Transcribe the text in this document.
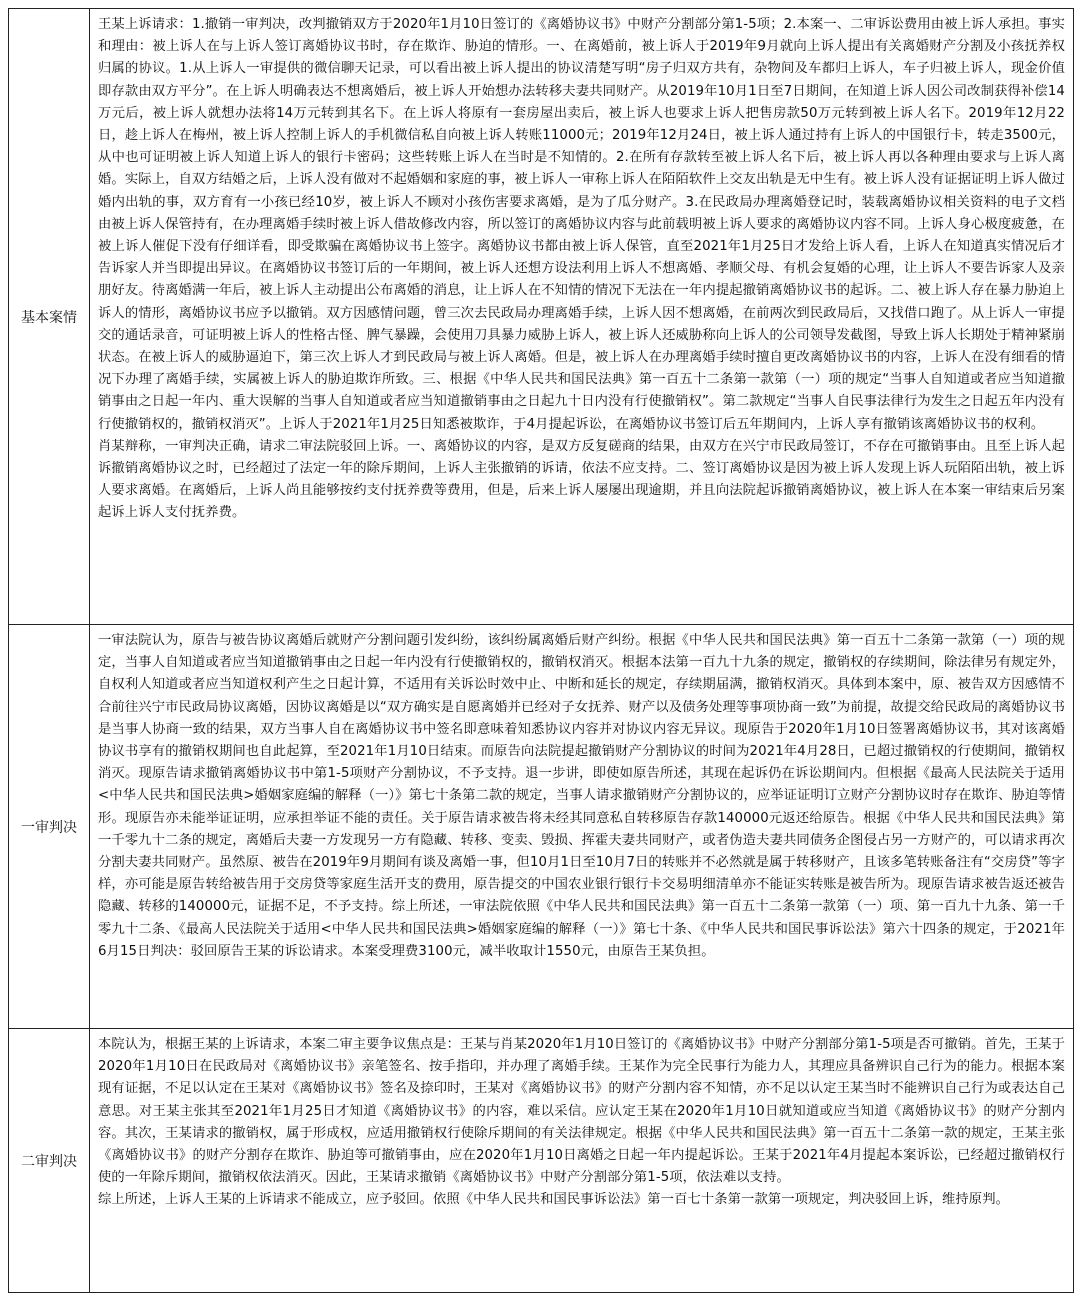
基本案情

王某上诉请求：1.撤销一审判决，改判撤销双方于2020年1月10日签订的《离婚协议书》中财产分割部分第1-5项；2.本案一、二审诉讼费用由被上诉人承担。事实和理由：被上诉人在与上诉人签订离婚协议书时，存在欺诈、胁迫的情形。一、在离婚前，被上诉人于2019年9月就向上诉人提出有关离婚财产分割及小孩抚养权归属的协议。1.从上诉人一审提供的微信聊天记录，可以看出被上诉人提出的协议清楚写明“房子归双方共有，杂物间及车都归上诉人，车子归被上诉人，现金价值即存款由双方平分”。在上诉人明确表达不想离婚后，被上诉人开始想办法转移夫妻共同财产。从2019年10月1日至7日期间，在知道上诉人因公司改制获得补偿14万元后，被上诉人就想办法将14万元转到其名下。在上诉人将原有一套房屋出卖后，被上诉人也要求上诉人把售房款50万元转到被上诉人名下。2019年12月22日，趁上诉人在梅州，被上诉人控制上诉人的手机微信私自向被上诉人转账11000元；2019年12月24日，被上诉人通过持有上诉人的中国银行卡，转走3500元，从中也可证明被上诉人知道上诉人的银行卡密码；这些转账上诉人在当时是不知情的。2.在所有存款转至被上诉人名下后，被上诉人再以各种理由要求与上诉人离婚。实际上，自双方结婚之后，上诉人没有做对不起婚姻和家庭的事，被上诉人一审称上诉人在陌陌软件上交友出轨是无中生有。被上诉人没有证据证明上诉人做过婚内出轨的事，双方育有一小孩已经10岁，被上诉人不顾对小孩伤害要求离婚，是为了瓜分财产。3.在民政局办理离婚登记时，装载离婚协议相关资料的电子文档由被上诉人保管持有，在办理离婚手续时被上诉人借故修改内容，所以签订的离婚协议内容与此前载明被上诉人要求的离婚协议内容不同。上诉人身心极度疲惫，在被上诉人催促下没有仔细详看，即受欺骗在离婚协议书上签字。离婚协议书都由被上诉人保管，直至2021年1月25日才发给上诉人看，上诉人在知道真实情况后才告诉家人并当即提出异议。在离婚协议书签订后的一年期间，被上诉人还想方设法利用上诉人不想离婚、孝顺父母、有机会复婚的心理，让上诉人不要告诉家人及亲朋好友。待离婚满一年后，被上诉人主动提出公布离婚的消息，让上诉人在不知情的情况下无法在一年内提起撤销离婚协议书的起诉。二、被上诉人存在暴力胁迫上诉人的情形，离婚协议书应予以撤销。双方因感情问题，曾三次去民政局办理离婚手续，上诉人因不想离婚，在前两次到民政局后，又找借口跑了。从上诉人一审提交的通话录音，可证明被上诉人的性格古怪、脾气暴躁，会使用刀具暴力威胁上诉人，被上诉人还威胁称向上诉人的公司领导发截图，导致上诉人长期处于精神紧崩状态。在被上诉人的威胁逼迫下，第三次上诉人才到民政局与被上诉人离婚。但是，被上诉人在办理离婚手续时擅自更改离婚协议书的内容，上诉人在没有细看的情况下办理了离婚手续，实属被上诉人的胁迫欺诈所致。三、根据《中华人民共和国民法典》第一百五十二条第一款第（一）项的规定“当事人自知道或者应当知道撤销事由之日起一年内、重大误解的当事人自知道或者应当知道撤销事由之日起九十日内没有行使撤销权”。第二款规定“当事人自民事法律行为发生之日起五年内没有行使撤销权的，撤销权消灭”。上诉人于2021年1月25日知悉被欺诈，于4月提起诉讼，在离婚协议书签订后五年期间内，上诉人享有撤销该离婚协议书的权利。

肖某辩称，一审判决正确，请求二审法院驳回上诉。一、离婚协议的内容，是双方反复磋商的结果，由双方在兴宁市民政局签订，不存在可撤销事由。且至上诉人起诉撤销离婚协议之时，已经超过了法定一年的除斥期间，上诉人主张撤销的诉请，依法不应支持。二、签订离婚协议是因为被上诉人发现上诉人玩陌陌出轨，被上诉人要求离婚。在离婚后，上诉人尚且能够按约支付抚养费等费用，但是，后来上诉人屡屡出现逾期，并且向法院起诉撤销离婚协议，被上诉人在本案一审结束后另案起诉上诉人支付抚养费。

一审判决

一审法院认为，原告与被告协议离婚后就财产分割问题引发纠纷，该纠纷属离婚后财产纠纷。根据《中华人民共和国民法典》第一百五十二条第一款第（一）项的规定，当事人自知道或者应当知道撤销事由之日起一年内没有行使撤销权的，撤销权消灭。根据本法第一百九十九条的规定，撤销权的存续期间，除法律另有规定外，自权利人知道或者应当知道权利产生之日起计算，不适用有关诉讼时效中止、中断和延长的规定，存续期届满，撤销权消灭。具体到本案中，原、被告双方因感情不合前往兴宁市民政局协议离婚，因协议离婚是以“双方确实是自愿离婚并已经对子女抚养、财产以及债务处理等事项协商一致”为前提，故提交给民政局的离婚协议书是当事人协商一致的结果，双方当事人自在离婚协议书中签名即意味着知悉协议内容并对协议内容无异议。现原告于2020年1月10日签署离婚协议书，其对该离婚协议书享有的撤销权期间也自此起算，至2021年1月10日结束。而原告向法院提起撤销财产分割协议的时间为2021年4月28日，已超过撤销权的行使期间，撤销权消灭。现原告请求撤销离婚协议书中第1-5项财产分割协议，不予支持。退一步讲，即使如原告所述，其现在起诉仍在诉讼期间内。但根据《最高人民法院关于适用<中华人民共和国民法典>婚姻家庭编的解释（一）》第七十条第二款的规定，当事人请求撤销财产分割协议的，应举证证明订立财产分割协议时存在欺诈、胁迫等情形。现原告亦未能举证证明，应承担举证不能的责任。关于原告请求被告将未经其同意私自转移原告存款140000元返还给原告。根据《中华人民共和国民法典》第一千零九十二条的规定，离婚后夫妻一方发现另一方有隐藏、转移、变卖、毁损、挥霍夫妻共同财产，或者伪造夫妻共同债务企图侵占另一方财产的，可以请求再次分割夫妻共同财产。虽然原、被告在2019年9月期间有谈及离婚一事，但10月1日至10月7日的转账并不必然就是属于转移财产，且该多笔转账备注有“交房贷”等字样，亦可能是原告转给被告用于交房贷等家庭生活开支的费用，原告提交的中国农业银行银行卡交易明细清单亦不能证实转账是被告所为。现原告请求被告返还被告隐藏、转移的140000元，证据不足，不予支持。综上所述，一审法院依照《中华人民共和国民法典》第一百五十二条第一款第（一）项、第一百九十九条、第一千零九十二条、《最高人民法院关于适用<中华人民共和国民法典>婚姻家庭编的解释（一）》第七十条、《中华人民共和国民事诉讼法》第六十四条的规定，于2021年6月15日判决：驳回原告王某的诉讼请求。本案受理费3100元，减半收取计1550元，由原告王某负担。

二审判决

本院认为，根据王某的上诉请求，本案二审主要争议焦点是：王某与肖某2020年1月10日签订的《离婚协议书》中财产分割部分第1-5项是否可撤销。首先，王某于2020年1月10日在民政局对《离婚协议书》亲笔签名、按手指印，并办理了离婚手续。王某作为完全民事行为能力人，其理应具备辨识自己行为的能力。根据本案现有证据，不足以认定在王某对《离婚协议书》签名及捺印时，王某对《离婚协议书》的财产分割内容不知情，亦不足以认定王某当时不能辨识自己行为或表达自己意思。对王某主张其至2021年1月25日才知道《离婚协议书》的内容，难以采信。应认定王某在2020年1月10日就知道或应当知道《离婚协议书》的财产分割内容。其次，王某请求的撤销权，属于形成权，应适用撤销权行使除斥期间的有关法律规定。根据《中华人民共和国民法典》第一百五十二条第一款的规定，王某主张《离婚协议书》的财产分割存在欺诈、胁迫等可撤销事由，应在2020年1月10日离婚之日起一年内提起诉讼。王某于2021年4月提起本案诉讼，已经超过撤销权行使的一年除斥期间，撤销权依法消灭。因此，王某请求撤销《离婚协议书》中财产分割部分第1-5项，依法难以支持。

综上所述，上诉人王某的上诉请求不能成立，应予驳回。依照《中华人民共和国民事诉讼法》第一百七十条第一款第一项规定，判决驳回上诉，维持原判。
